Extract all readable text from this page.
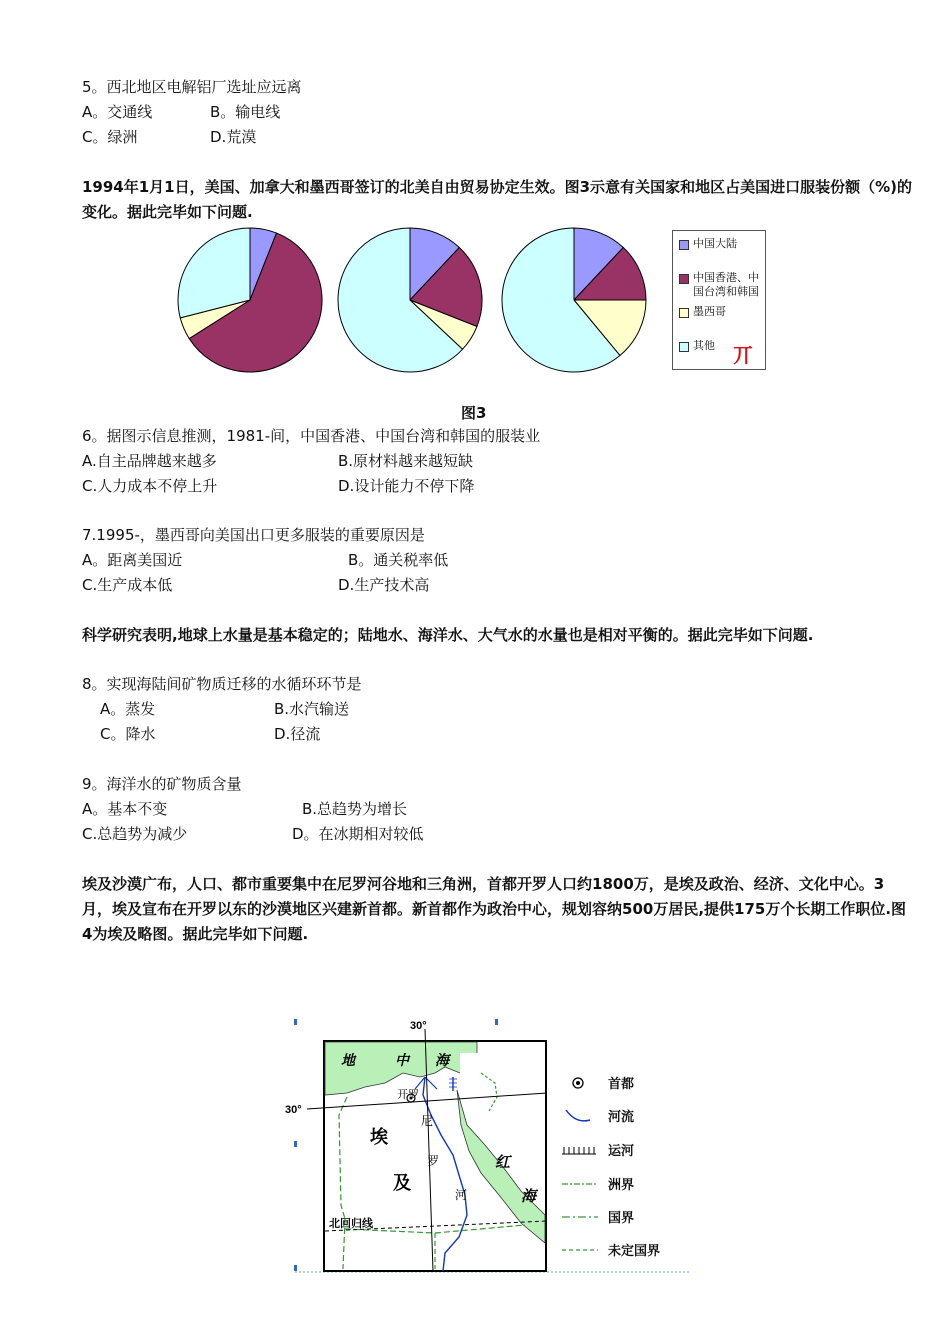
5。西北地区电解铝厂选址应远离
A。交通线	B。输电线
C。绿洲	D.荒漠
1994年1月1日，美国、加拿大和墨西哥签订的北美自由贸易协定生效。图3示意有关国家和地区占美国进口服装份额（%)的变化。据此完毕如下问题.
中国大陆
中国香港、中国台湾和韩国
墨西哥
其他 丌
图3
6。据图示信息推测，1981-间，中国香港、中国台湾和韩国的服装业
A.自主品牌越来越多	B.原材料越来越短缺
C.人力成本不停上升	D.设计能力不停下降
7.1995-，墨西哥向美国出口更多服装的重要原因是
A。距离美国近	B。通关税率低
C.生产成本低	D.生产技术高
科学研究表明,地球上水量是基本稳定的；陆地水、海洋水、大气水的水量也是相对平衡的。据此完毕如下问题.
8。实现海陆间矿物质迁移的水循环环节是
A。蒸发	B.水汽输送
C。降水	D.径流
9。海洋水的矿物质含量
A。基本不变	B.总趋势为增长
C.总趋势为减少	D。在冰期相对较低
埃及沙漠广布，人口、都市重要集中在尼罗河谷地和三角洲，首都开罗人口约1800万，是埃及政治、经济、文化中心。3月，埃及宣布在开罗以东的沙漠地区兴建新首都。新首都作为政治中心，规划容纳500万居民,提供175万个长期工作职位.图4为埃及略图。据此完毕如下问题.
30°
30°
地	中 海
开罗
埃
及
尼
罗
河
红
海
北回归线
首都
河流
运河
洲界
国界
未定国界
